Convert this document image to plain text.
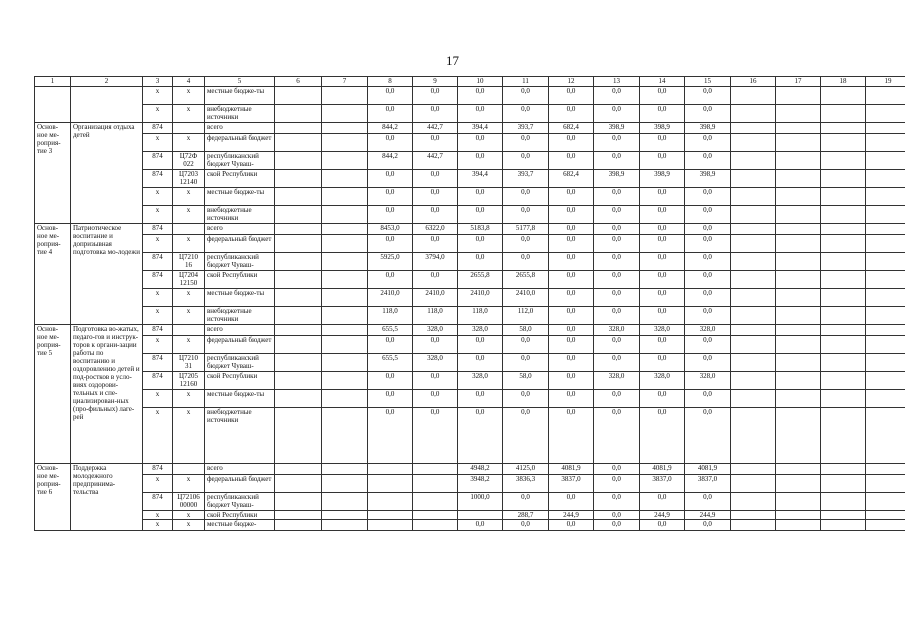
17
1	2	3	4	5	6	7	8	9	10	11	12	13	14	15	16	17	18	19
		x	x	местные бюдже-ты			0,0	0,0	0,0	0,0	0,0	0,0	0,0	0,0				
		x	x	внебюджетные источники			0,0	0,0	0,0	0,0	0,0	0,0	0,0	0,0				
Основ-ное ме-роприя-тие 3	Организация отдыха детей	874		всего			844,2	442,7	394,4	393,7	682,4	398,9	398,9	398,9				
		x	x	федеральный бюджет			0,0	0,0	0,0	0,0	0,0	0,0	0,0	0,0				
		874	Ц72Ф 022	республиканский бюджет Чуваш-			844,2	442,7	0,0	0,0	0,0	0,0	0,0	0,0				
		874	Ц7203 12140	ской Республики			0,0	0,0	394,4	393,7	682,4	398,9	398,9	398,9				
		x	x	местные бюдже-ты			0,0	0,0	0,0	0,0	0,0	0,0	0,0	0,0				
		x	x	внебюджетные источники			0,0	0,0	0,0	0,0	0,0	0,0	0,0	0,0				
Основ-ное ме-роприя-тие 4	Патриотическое воспитание и допризывная подготовка мо-лодежи	874		всего			8453,0	6322,0	5183,8	5177,8	0,0	0,0	0,0	0,0				
		x	x	федеральный бюджет			0,0	0,0	0,0	0,0	0,0	0,0	0,0	0,0				
		874	Ц7210 16	республиканский бюджет Чуваш-			5925,0	3794,0	0,0	0,0	0,0	0,0	0,0	0,0				
		874	Ц7204 12150	ской Республики			0,0	0,0	2655,8	2655,8	0,0	0,0	0,0	0,0				
		x	x	местные бюдже-ты			2410,0	2410,0	2410,0	2410,0	0,0	0,0	0,0	0,0				
		x	x	внебюджетные источники			118,0	118,0	118,0	112,0	0,0	0,0	0,0	0,0				
Основ-ное ме-роприя-тие 5	Подготовка во-жатых, педаго-гов и инструк-торов к органи-зации работы по воспитанию и оздоровлению детей и под-ростков в усло-виях оздорови-тельных и спе-циализирован-ных (про-фильных) лаге-рей	874		всего			655,5	328,0	328,0	58,0	0,0	328,0	328,0	328,0				
		x	x	федеральный бюджет			0,0	0,0	0,0	0,0	0,0	0,0	0,0	0,0				
		874	Ц7210 31	республиканский бюджет Чуваш-			655,5	328,0	0,0	0,0	0,0	0,0	0,0	0,0				
		874	Ц7205 12160	ской Республики			0,0	0,0	328,0	58,0	0,0	328,0	328,0	328,0				
		x	x	местные бюдже-ты			0,0	0,0	0,0	0,0	0,0	0,0	0,0	0,0				
		x	x	внебюджетные источники			0,0	0,0	0,0	0,0	0,0	0,0	0,0	0,0				
Основ-ное ме-роприя-тие 6	Поддержка молодежного предпринима-тельства	874		всего					4948,2	4125,0	4081,9	0,0	4081,9	4081,9				
		x	x	федеральный бюджет					3948,2	3836,3	3837,0	0,0	3837,0	3837,0				
		874	Ц72106 00000	республиканский бюджет Чуваш-					1000,0	0,0	0,0	0,0	0,0	0,0				
		x	x	ской Республики						288,7	244,9	0,0	244,9	244,9				
		x	x	местные бюдже-					0,0	0,0	0,0	0,0	0,0	0,0				
